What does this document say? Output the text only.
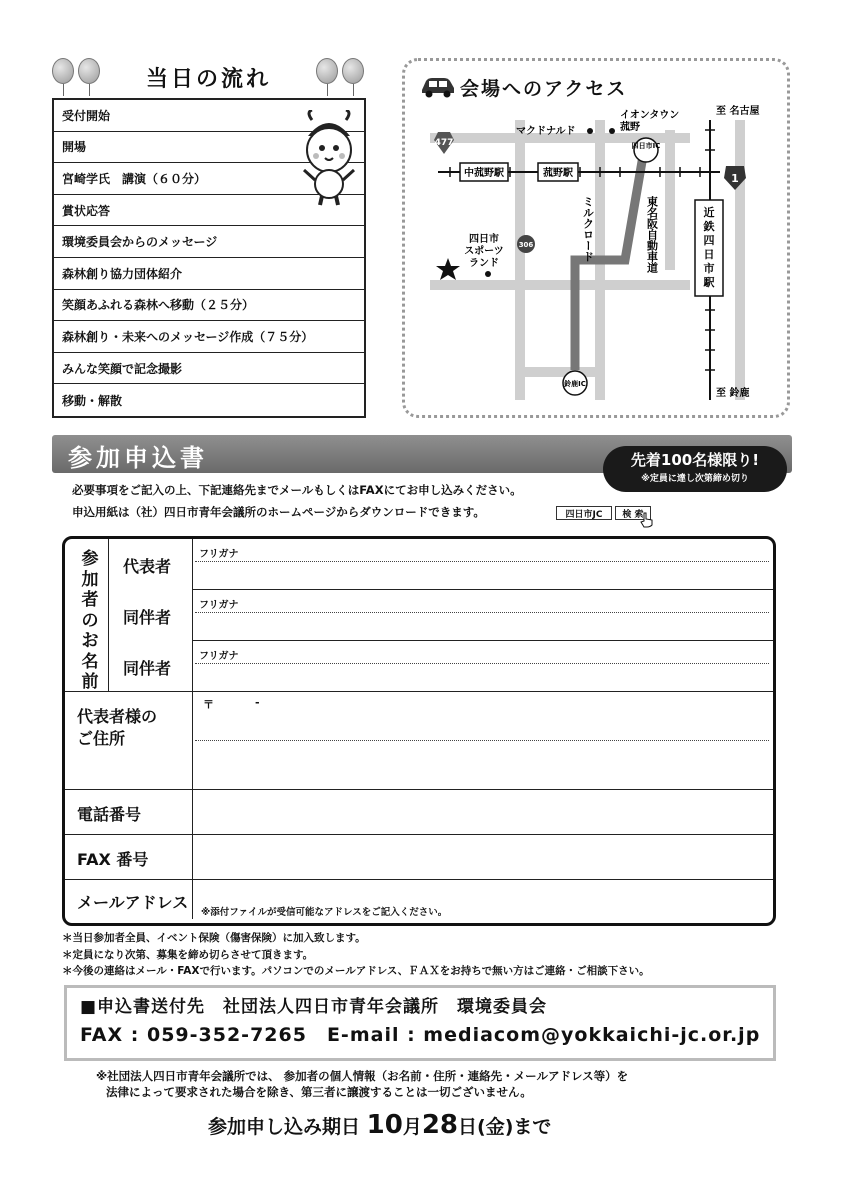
当日の流れ
受付開始
開場
宮崎学氏　講演（６０分）
賞状応答
環境委員会からのメッセージ
森林創り協力団体紹介
笑顔あふれる森林へ移動（２５分）
森林創り・未来へのメッセージ作成（７５分）
みんな笑顔で記念撮影
移動・解散
会場へのアクセス
中菰野駅	菰野駅
近鉄四日市駅
477
1
306
四日市IC
鈴鹿IC
至 名古屋
至 鈴鹿
イオンタウン
菰野
マクドナルド
東名阪自動車道
ミルクロード
四日市
スポーツ
ランド
参加申込書	先着100名様限り!
※定員に達し次第締め切り
必要事項をご記入の上、下記連絡先までメールもしくはFAXにてお申し込みください。
申込用紙は（社）四日市青年会議所のホームページからダウンロードできます。	四日市JC	検 索
参
加
者
の
お
名
前
代表者
同伴者
同伴者
フリガナ
フリガナ
フリガナ
代表者様の
ご住所
〒	-
電話番号
FAX 番号
メールアドレス
※添付ファイルが受信可能なアドレスをご記入ください。
＊当日参加者全員、イベント保険（傷害保険）に加入致します。
＊定員になり次第、募集を締め切らさせて頂きます。
＊今後の連絡はメール・FAXで行います。パソコンでのメールアドレス、ＦＡＸをお持ちで無い方はご連絡・ご相談下さい。
■申込書送付先　社団法人四日市青年会議所　環境委員会
FAX : 059-352-7265　E-mail : mediacom@yokkaichi-jc.or.jp
※社団法人四日市青年会議所では、 参加者の個人情報（お名前・住所・連絡先・メールアドレス等）を
法律によって要求された場合を除き、第三者に譲渡することは一切ございません。
参加申し込み期日 10月28日(金)まで
